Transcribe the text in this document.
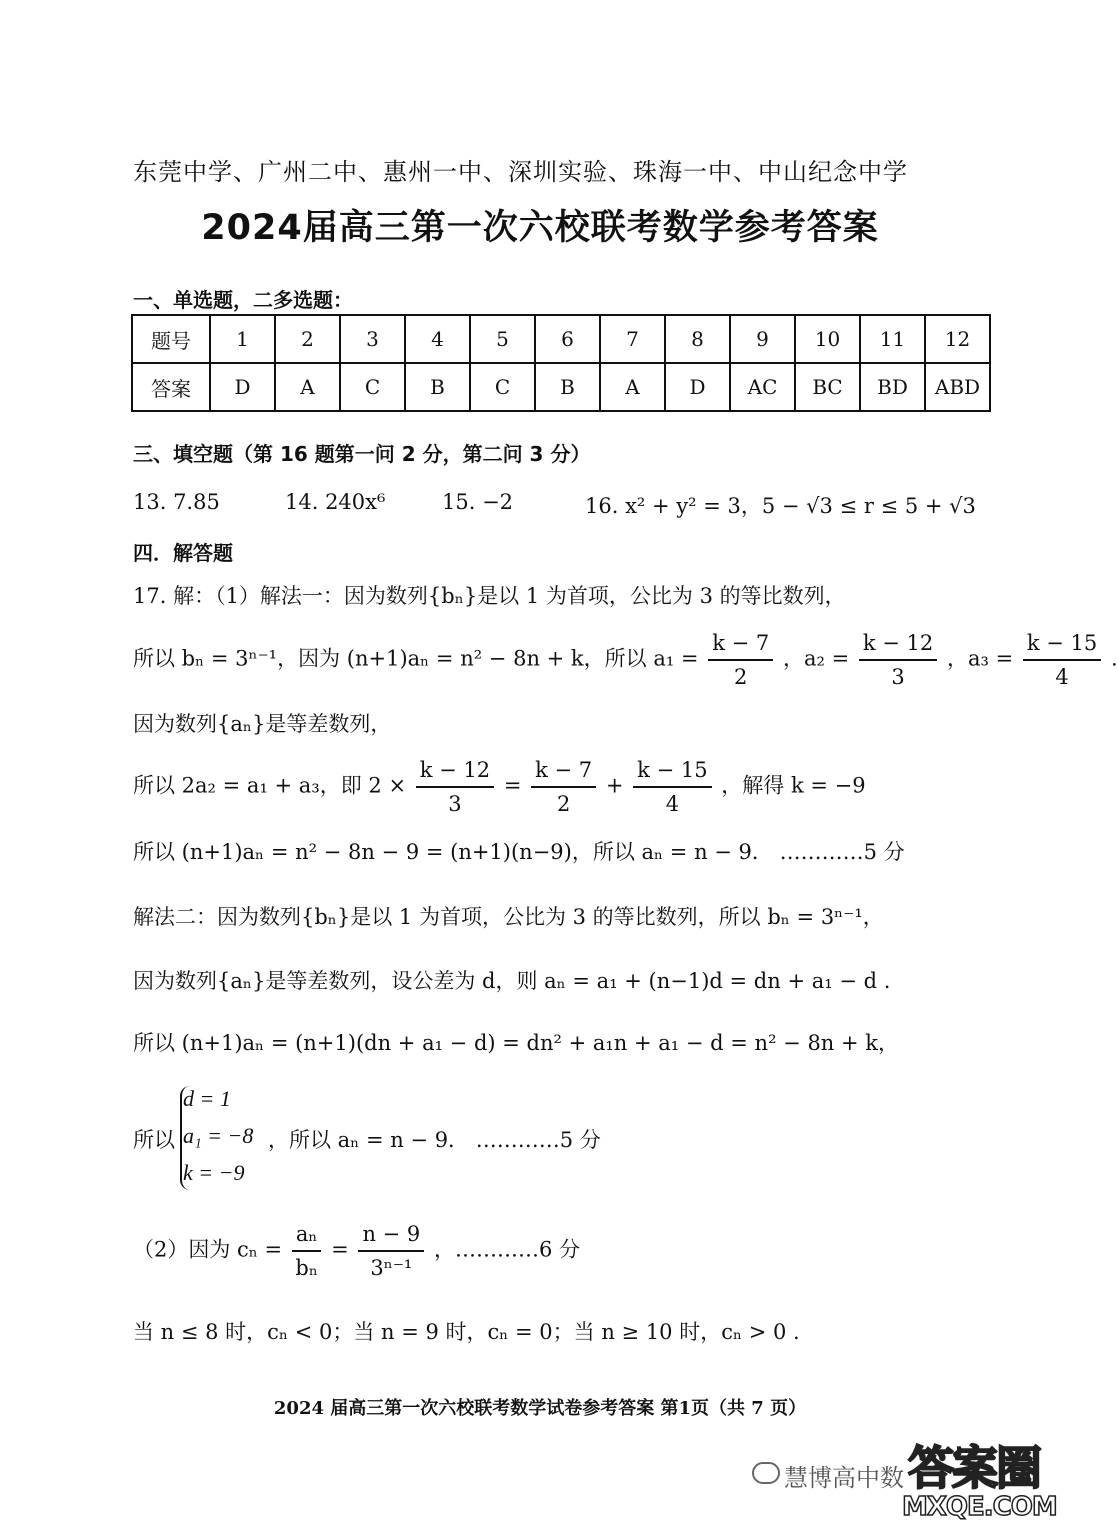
东莞中学、广州二中、惠州一中、深圳实验、珠海一中、中山纪念中学
2024届高三第一次六校联考数学参考答案
一、单选题，二多选题：
题号	1	2	3	4	5	6	7	8	9	10	11	12
答案	D	A	C	B	C	B	A	D	AC	BC	BD	ABD
三、填空题（第 16 题第一问 2 分，第二问 3 分）
13. 7.85	14. 240x⁶	15. −2	16. x² + y² = 3，5 − √3 ≤ r ≤ 5 + √3
四．解答题
17. 解：（1）解法一：因为数列{bₙ}是以 1 为首项，公比为 3 的等比数列，
所以 bₙ = 3ⁿ⁻¹，因为 (n+1)aₙ = n² − 8n + k，所以 $a_1 = \frac{k - 7}{2}$ ，$a_2 = \frac{k - 12}{3}$ ，$a_3 = \frac{k - 15}{4}$ .
因为数列{aₙ}是等差数列，
所以 2a₂ = a₁ + a₃，即 $2 \times \frac{k - 12}{3} = \frac{k - 7}{2} + \frac{k - 15}{4}$ ，解得 k = −9
所以 (n+1)aₙ = n² − 8n − 9 = (n+1)(n−9)，所以 aₙ = n − 9． …………5 分
解法二：因为数列{bₙ}是以 1 为首项，公比为 3 的等比数列，所以 bₙ = 3ⁿ⁻¹，
因为数列{aₙ}是等差数列，设公差为 d，则 aₙ = a₁ + (n−1)d = dn + a₁ − d .
所以 (n+1)aₙ = (n+1)(dn + a₁ − d) = dn² + a₁n + a₁ − d = n² − 8n + k，
所以
d = 1
a₁ = −8
k = −9
，所以 aₙ = n − 9． …………5 分
（2）因为 $c_n = \frac{\text{aₙ}}{\text{bₙ}} = \frac{n - 9}{\text{3ⁿ⁻¹}}$ ，…………6 分
当 n ≤ 8 时，cₙ < 0；当 n = 9 时，cₙ = 0；当 n ≥ 10 时，cₙ > 0 .
2024 届高三第一次六校联考数学试卷参考答案 第1页（共 7 页）
慧博高中数 答案圈
MXQE.COM
